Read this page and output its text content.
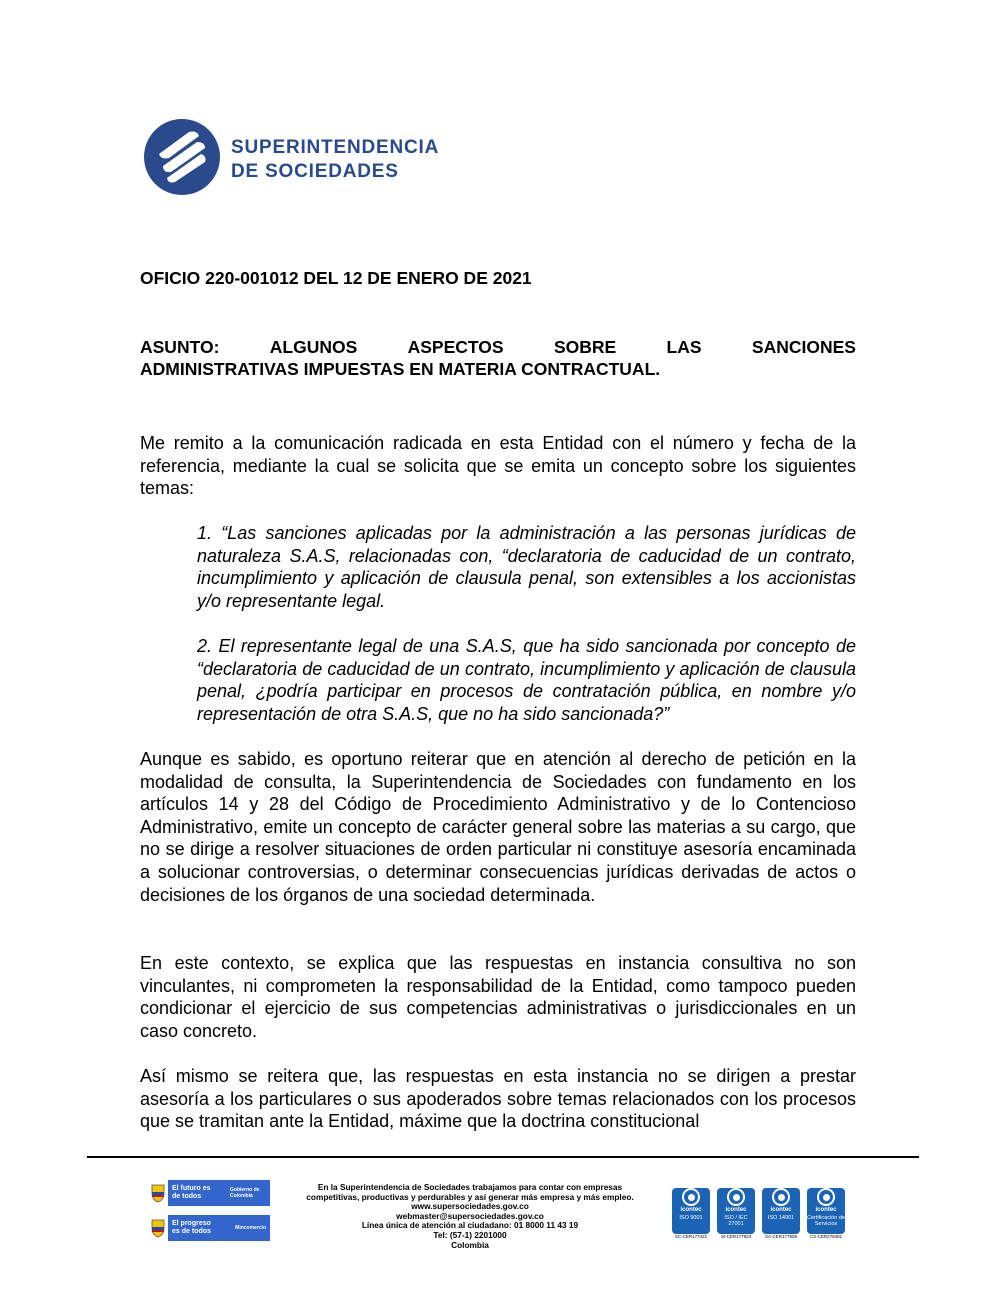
SUPERINTENDENCIA
DE SOCIEDADES
OFICIO 220-001012 DEL 12 DE ENERO DE 2021
ASUNTO:	ALGUNOS	ASPECTOS	SOBRE	LAS	SANCIONES
ADMINISTRATIVAS IMPUESTAS EN MATERIA CONTRACTUAL.
Me remito a la comunicación radicada en esta Entidad con el número y fecha de la referencia, mediante la cual se solicita que se emita un concepto sobre los siguientes temas:
1. “Las sanciones aplicadas por la administración a las personas jurídicas de naturaleza S.A.S, relacionadas con, “declaratoria de caducidad de un contrato, incumplimiento y aplicación de clausula penal, son extensibles a los accionistas y/o representante legal.
2. El representante legal de una S.A.S, que ha sido sancionada por concepto de “declaratoria de caducidad de un contrato, incumplimiento y aplicación de clausula penal, ¿podría participar en procesos de contratación pública, en nombre y/o representación de otra S.A.S, que no ha sido sancionada?”
Aunque es sabido, es oportuno reiterar que en atención al derecho de petición en la modalidad de consulta, la Superintendencia de Sociedades con fundamento en los artículos 14 y 28 del Código de Procedimiento Administrativo y de lo Contencioso Administrativo, emite un concepto de carácter general sobre las materias a su cargo, que no se dirige a resolver situaciones de orden particular ni constituye asesoría encaminada a solucionar controversias, o determinar consecuencias jurídicas derivadas de actos o decisiones de los órganos de una sociedad determinada.
En este contexto, se explica que las respuestas en instancia consultiva no son vinculantes, ni comprometen la responsabilidad de la Entidad, como tampoco pueden condicionar el ejercicio de sus competencias administrativas o jurisdiccionales en un caso concreto.
Así mismo se reitera que, las respuestas en esta instancia no se dirigen a prestar asesoría a los particulares o sus apoderados sobre temas relacionados con los procesos que se tramitan ante la Entidad, máxime que la doctrina constitucional
El futuro es de todos
Gobierno de Colombia
El progreso es de todos	Mincomercio
En la Superintendencia de Sociedades trabajamos para contar con empresas
competitivas, productivas y perdurables y así generar más empresa y más empleo.
www.supersociedades.gov.co
webmaster@supersociedades.gov.co
Línea única de atención al ciudadano: 01 8000 11 43 19
Tel: (57-1) 2201000
Colombia
icontec
ISO 9001
SC-CER177421
icontec
ISO / IEC 27001
SI-CER177823
icontec
ISO 14001
SA-CER177808
icontec
Certificación de Servicios
CS-CER279481
